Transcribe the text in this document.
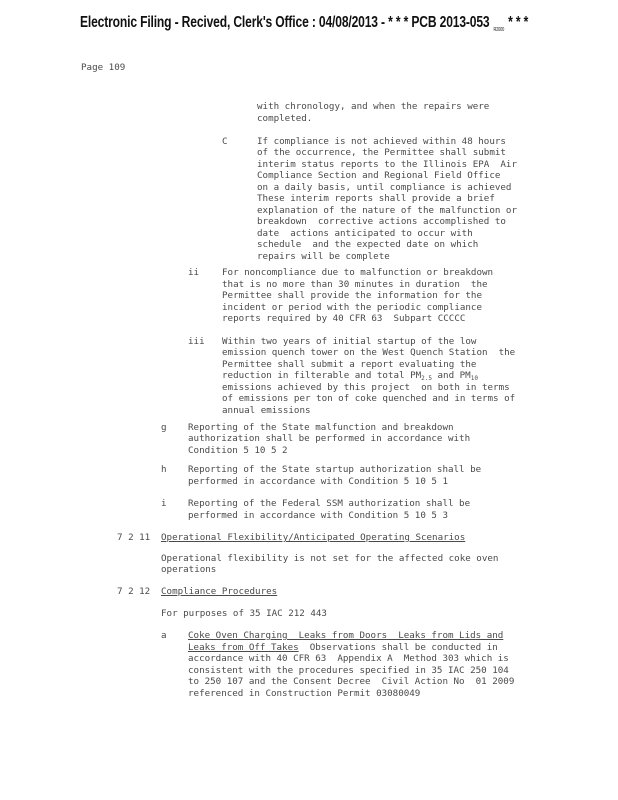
Electronic Filing - Recived, Clerk's Office : 04/08/2013 - * * * PCB 2013-053 $_{R2000}$ * * *
Page 109
with chronology, and when the repairs were
completed.
C	If compliance is not achieved within 48 hours
of the occurrence, the Permittee shall submit
interim status reports to the Illinois EPA  Air
Compliance Section and Regional Field Office
on a daily basis, until compliance is achieved
These interim reports shall provide a brief
explanation of the nature of the malfunction or
breakdown  corrective actions accomplished to
date  actions anticipated to occur with
schedule  and the expected date on which
repairs will be complete
ii For noncompliance due to malfunction or breakdown
that is no more than 30 minutes in duration  the
Permittee shall provide the information for the
incident or period with the periodic compliance
reports required by 40 CFR 63  Subpart CCCCC
iii Within two years of initial startup of the low
emission quench tower on the West Quench Station  the
Permittee shall submit a report evaluating the
reduction in filterable and total $PM_{2.5}$ and $PM_{10}$
emissions achieved by this project  on both in terms
of emissions per ton of coke quenched and in terms of
annual emissions
g Reporting of the State malfunction and breakdown
authorization shall be performed in accordance with
Condition 5 10 5 2
h Reporting of the State startup authorization shall be
performed in accordance with Condition 5 10 5 1
i Reporting of the Federal SSM authorization shall be
performed in accordance with Condition 5 10 5 3
7 2 11 Operational Flexibility/Anticipated Operating Scenarios
Operational flexibility is not set for the affected coke oven
operations
7 2 12 Compliance Procedures
For purposes of 35 IAC 212 443
a Coke Oven Charging  Leaks from Doors  Leaks from Lids and
Leaks from Off Takes  Observations shall be conducted in
accordance with 40 CFR 63  Appendix A  Method 303 which is
consistent with the procedures specified in 35 IAC 250 104
to 250 107 and the Consent Decree  Civil Action No  01 2009
referenced in Construction Permit 03080049
